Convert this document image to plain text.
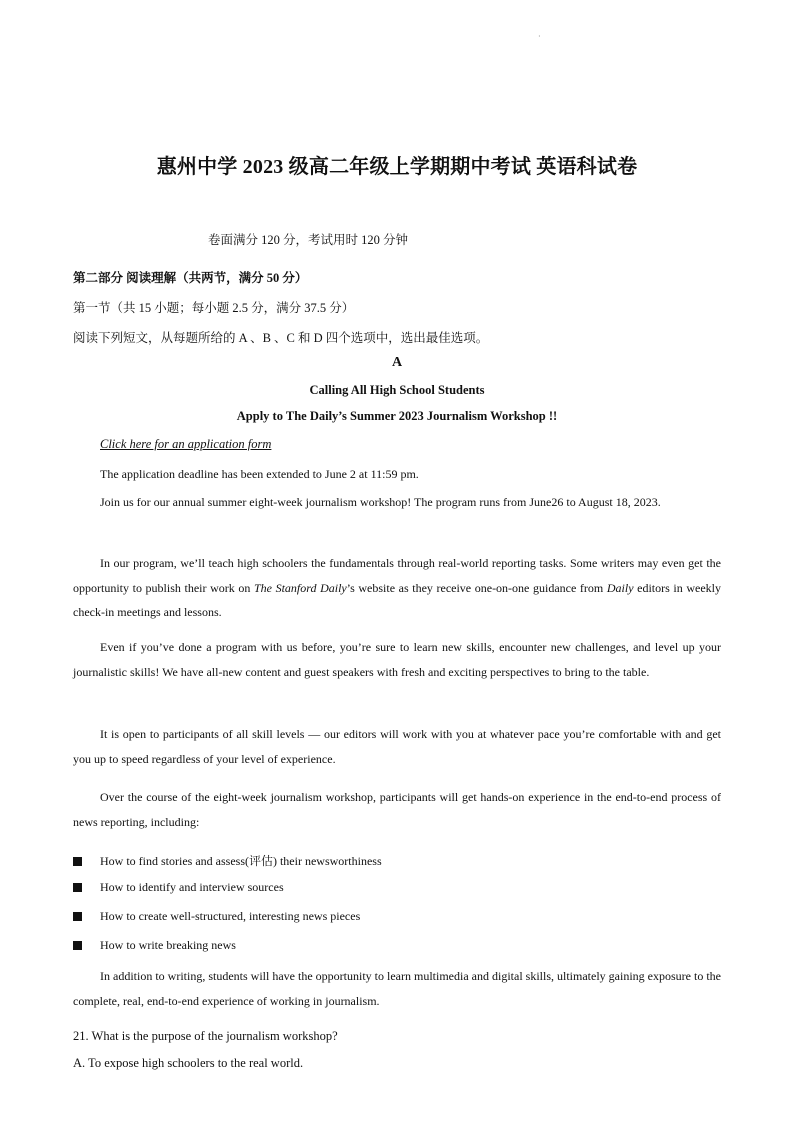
·
惠州中学 2023 级高二年级上学期期中考试 英语科试卷
卷面满分 120 分，考试用时 120 分钟
第二部分 阅读理解（共两节，满分 50 分）
第一节（共 15 小题；每小题 2.5 分，满分 37.5 分）
阅读下列短文，从每题所给的 A 、B 、C 和 D 四个选项中，选出最佳选项。
A
Calling All High School Students
Apply to The Daily’s Summer 2023 Journalism Workshop !!
Click here for an application form

The application deadline has been extended to June 2 at 11:59 pm.

Join us for our annual summer eight-week journalism workshop! The program runs from June26 to August 18, 2023.

In our program, we’ll teach high schoolers the fundamentals through real-world reporting tasks. Some writers may even get the opportunity to publish their work on The Stanford Daily’s website as they receive one-on-one guidance from Daily editors in weekly check-in meetings and lessons.

Even if you’ve done a program with us before, you’re sure to learn new skills, encounter new challenges, and level up your journalistic skills! We have all-new content and guest speakers with fresh and exciting perspectives to bring to the table.

It is open to participants of all skill levels — our editors will work with you at whatever pace you’re comfortable with and get you up to speed regardless of your level of experience.

Over the course of the eight-week journalism workshop, participants will get hands-on experience in the end-to-end process of news reporting, including:

How to find stories and assess(评估) their newsworthiness
How to identify and interview sources
How to create well-structured, interesting news pieces
How to write breaking news

In addition to writing, students will have the opportunity to learn multimedia and digital skills, ultimately gaining exposure to the complete, real, end-to-end experience of working in journalism.

21. What is the purpose of the journalism workshop?
A. To expose high schoolers to the real world.
